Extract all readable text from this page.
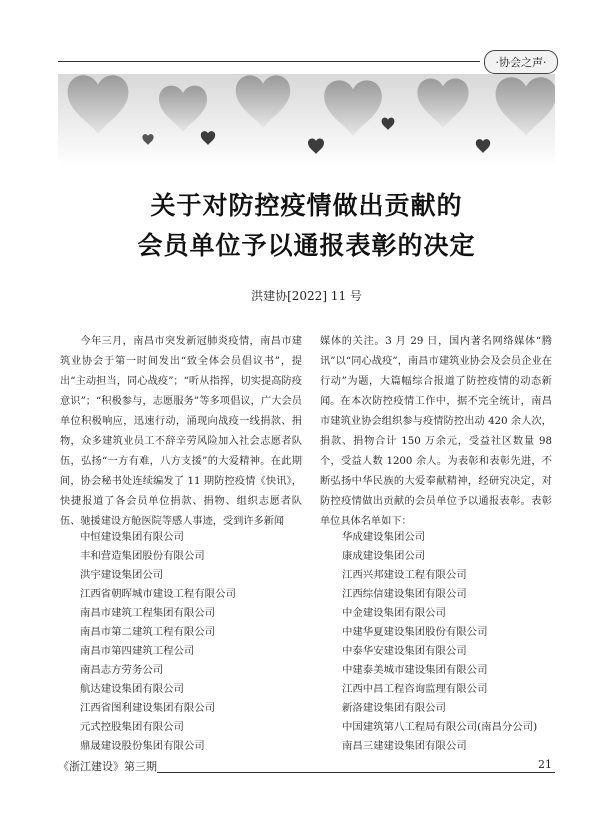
·协会之声·
关于对防控疫情做出贡献的
会员单位予以通报表彰的决定
洪建协[2022] 11 号

今年三月，南昌市突发新冠肺炎疫情，南昌市建筑业协会于第一时间发出“致全体会员倡议书”，提出“主动担当，同心战疫”；“听从指挥，切实提高防疫意识”；“积极参与，志愿服务”等多项倡议，广大会员单位积极响应，迅速行动，涌现向战疫一线捐款、捐物，众多建筑业员工不辞辛劳风险加入社会志愿者队伍，弘扬“一方有难，八方支援”的大爱精神。在此期间，协会秘书处连续编发了 11 期防控疫情《快讯》，快捷报道了各会员单位捐款、捐物、组织志愿者队伍、驰援建设方舱医院等感人事迹，受到许多新闻

媒体的关注。3 月 29 日，国内著名网络媒体“腾讯”以“同心战疫”，南昌市建筑业协会及会员企业在行动”为题，大篇幅综合报道了防控疫情的动态新闻。 在本次防控疫情工作中，据不完全统计，南昌市建筑业协会组织参与疫情防控出动 420 余人次，捐款、捐物合计 150 万余元，受益社区数量 98 个，受益人数 1200 余人。为表彰和表彰先进，不断弘扬中华民族的大爱奉献精神，经研究决定，对防控疫情做出贡献的会员单位予以通报表彰。表彰单位具体名单如下：

中恒建设集团有限公司
丰和营造集团股份有限公司
洪宇建设集团公司
江西省朝晖城市建设工程有限公司
南昌市建筑工程集团有限公司
南昌市第二建筑工程有限公司
南昌市第四建筑工程公司
南昌志方劳务公司
航达建设集团有限公司
江西省图利建设集团有限公司
元式控股集团有限公司
鼎晟建设股份集团有限公司
华成建设集团公司
康成建设集团公司
江西兴邦建设工程有限公司
江西综信建设集团有限公司
中金建设集团有限公司
中建华夏建设集团股份有限公司
中泰华安建设集团有限公司
中建泰美城市建设集团有限公司
江西中昌工程咨询监理有限公司
新洛建设集团有限公司
中国建筑第八工程局有限公司(南昌分公司)
南昌三建建设集团有限公司
《浙江建设》第三期	21
